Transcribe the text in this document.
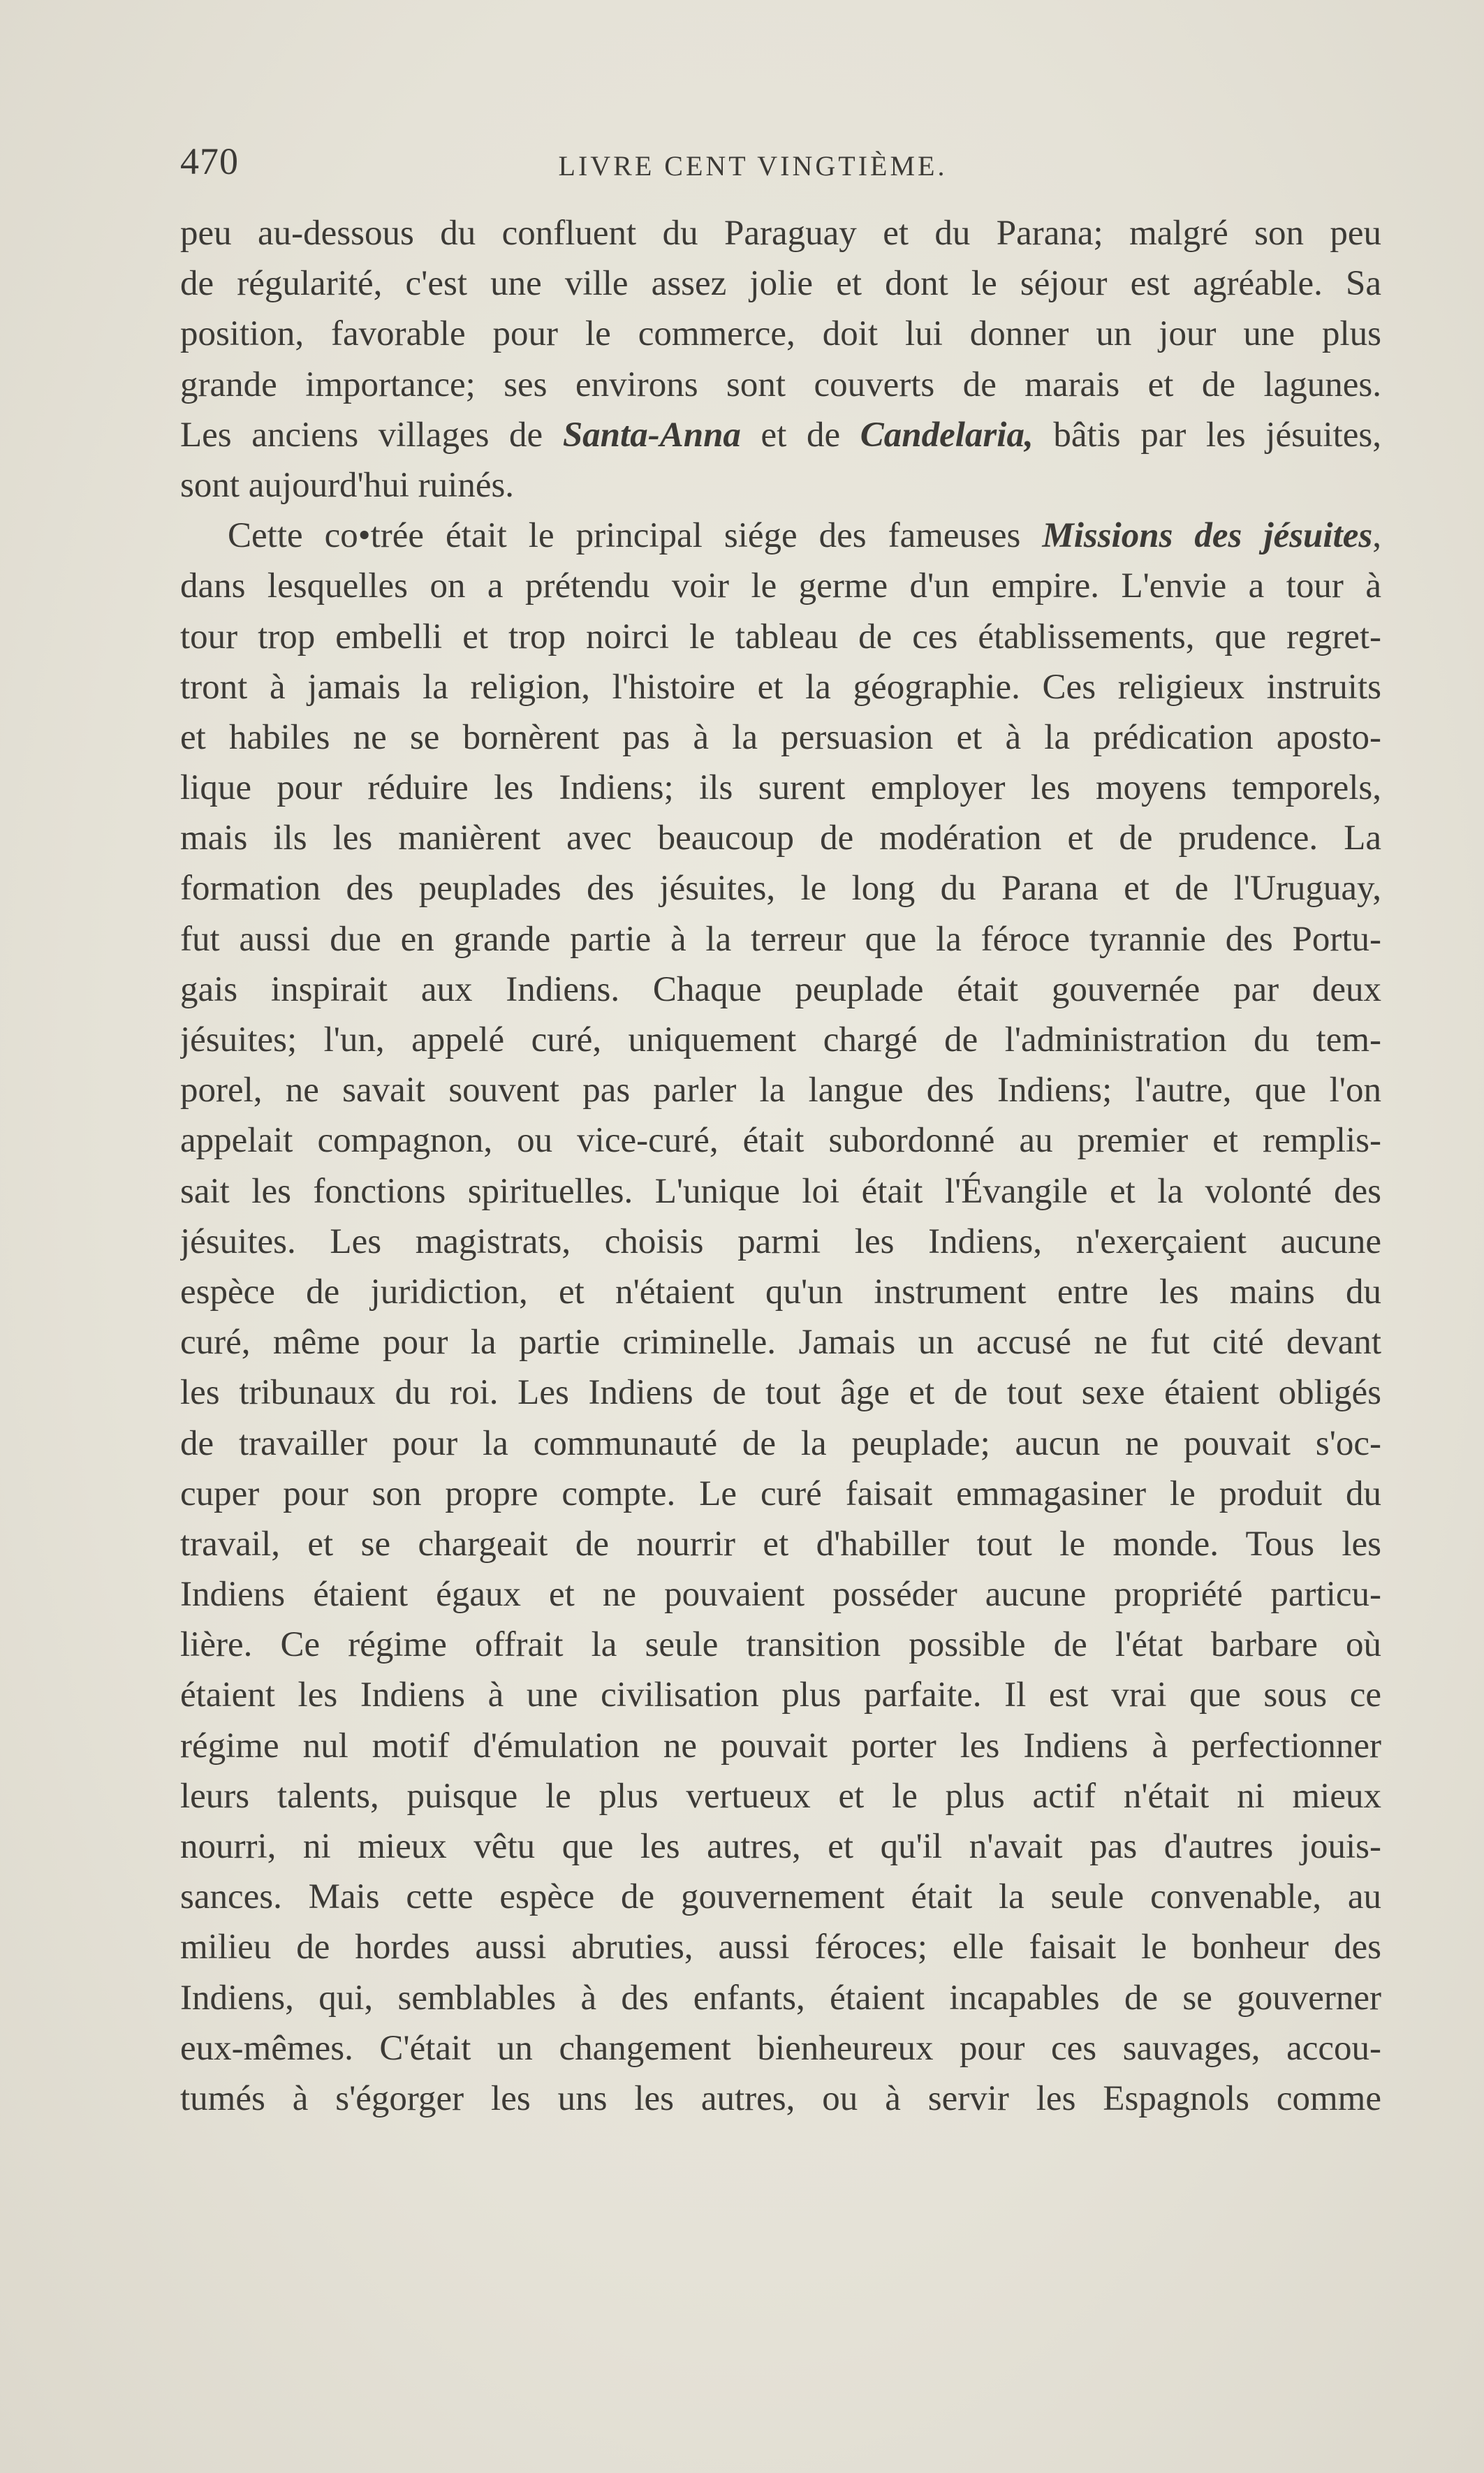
470	LIVRE CENT VINGTIÈME.
peu au-dessous du confluent du Paraguay et du Parana; malgré son peu
de régularité, c'est une ville assez jolie et dont le séjour est agréable. Sa
position, favorable pour le commerce, doit lui donner un jour une plus
grande importance; ses environs sont couverts de marais et de lagunes.
Les anciens villages de Santa-Anna et de Candelaria, bâtis par les jésuites,
sont aujourd'hui ruinés.
Cette co•trée était le principal siége des fameuses Missions des jésuites,
dans lesquelles on a prétendu voir le germe d'un empire. L'envie a tour à
tour trop embelli et trop noirci le tableau de ces établissements, que regret-
tront à jamais la religion, l'histoire et la géographie. Ces religieux instruits
et habiles ne se bornèrent pas à la persuasion et à la prédication aposto-
lique pour réduire les Indiens; ils surent employer les moyens temporels,
mais ils les manièrent avec beaucoup de modération et de prudence. La
formation des peuplades des jésuites, le long du Parana et de l'Uruguay,
fut aussi due en grande partie à la terreur que la féroce tyrannie des Portu-
gais inspirait aux Indiens. Chaque peuplade était gouvernée par deux
jésuites; l'un, appelé curé, uniquement chargé de l'administration du tem-
porel, ne savait souvent pas parler la langue des Indiens; l'autre, que l'on
appelait compagnon, ou vice-curé, était subordonné au premier et remplis-
sait les fonctions spirituelles. L'unique loi était l'Évangile et la volonté des
jésuites. Les magistrats, choisis parmi les Indiens, n'exerçaient aucune
espèce de juridiction, et n'étaient qu'un instrument entre les mains du
curé, même pour la partie criminelle. Jamais un accusé ne fut cité devant
les tribunaux du roi. Les Indiens de tout âge et de tout sexe étaient obligés
de travailler pour la communauté de la peuplade; aucun ne pouvait s'oc-
cuper pour son propre compte. Le curé faisait emmagasiner le produit du
travail, et se chargeait de nourrir et d'habiller tout le monde. Tous les
Indiens étaient égaux et ne pouvaient posséder aucune propriété particu-
lière. Ce régime offrait la seule transition possible de l'état barbare où
étaient les Indiens à une civilisation plus parfaite. Il est vrai que sous ce
régime nul motif d'émulation ne pouvait porter les Indiens à perfectionner
leurs talents, puisque le plus vertueux et le plus actif n'était ni mieux
nourri, ni mieux vêtu que les autres, et qu'il n'avait pas d'autres jouis-
sances. Mais cette espèce de gouvernement était la seule convenable, au
milieu de hordes aussi abruties, aussi féroces; elle faisait le bonheur des
Indiens, qui, semblables à des enfants, étaient incapables de se gouverner
eux-mêmes. C'était un changement bienheureux pour ces sauvages, accou-
tumés à s'égorger les uns les autres, ou à servir les Espagnols comme
